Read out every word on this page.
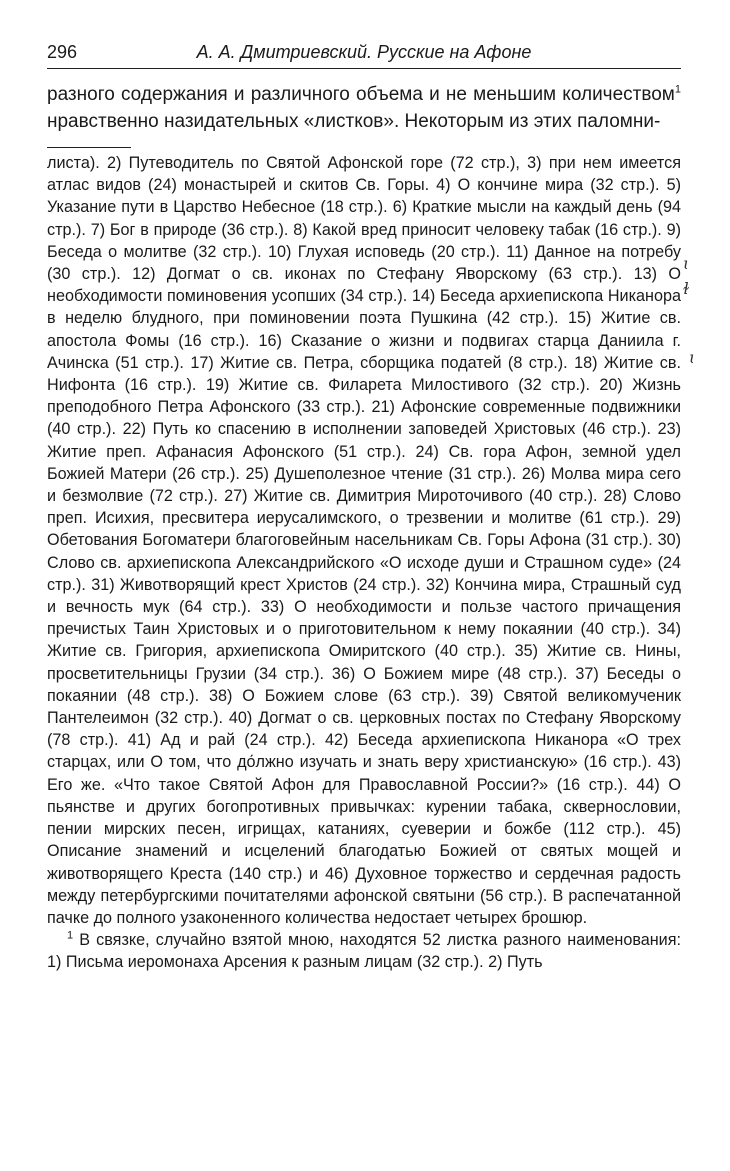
296	А. А. Дмитриевский. Русские на Афоне

разного содержания и различного объема и не меньшим количеством$^1$ нравственно назидательных «листков». Некоторым из этих паломни-

листа). 2) Путеводитель по Святой Афонской горе (72 стр.), 3) при нем имеется атлас видов (24) монастырей и скитов Св. Горы. 4) О кончине мира (32 стр.). 5) Указание пути в Царство Небесное (18 стр.). 6) Краткие мысли на каждый день (94 стр.). 7) Бог в природе (36 стр.). 8) Какой вред приносит человеку табак (16 стр.). 9) Беседа о молитве (32 стр.). 10) Глухая исповедь (20 стр.). 11) Данное на потребу (30 стр.). 12) Догмат о св. иконах по Стефану Яворскому (63 стр.). 13) О необходимости поминовения усопших (34 стр.). 14) Беседа архиепископа Никанора в неделю блудного, при поминовении поэта Пушкина (42 стр.). 15) Житие св. апостола Фомы (16 стр.). 16) Сказание о жизни и подвигах старца Даниила г. Ачинска (51 стр.). 17) Житие св. Петра, сборщика податей (8 стр.). 18) Житие св. Нифонта (16 стр.). 19) Житие св. Филарета Милостивого (32 стр.). 20) Жизнь преподобного Петра Афонского (33 стр.). 21) Афонские современные подвижники (40 стр.). 22) Путь ко спасению в исполнении заповедей Христовых (46 стр.). 23) Житие преп. Афанасия Афонского (51 стр.). 24) Св. гора Афон, земной удел Божией Матери (26 стр.). 25) Душеполезное чтение (31 стр.). 26) Молва мира сего и безмолвие (72 стр.). 27) Житие св. Димитрия Мироточивого (40 стр.). 28) Слово преп. Исихия, пресвитера иерусалимского, о трезвении и молитве (61 стр.). 29) Обетования Богоматери благоговейным насельникам Св. Горы Афона (31 стр.). 30) Слово св. архиепископа Александрийского «О исходе души и Страшном суде» (24 стр.). 31) Животворящий крест Христов (24 стр.). 32) Кончина мира, Страшный суд и вечность мук (64 стр.). 33) О необходимости и пользе частого причащения пречистых Таин Христовых и о приготовительном к нему покаянии (40 стр.). 34) Житие св. Григория, архиепископа Омиритского (40 стр.). 35) Житие св. Нины, просветительницы Грузии (34 стр.). 36) О Божием мире (48 стр.). 37) Беседы о покаянии (48 стр.). 38) О Божием слове (63 стр.). 39) Святой великомученик Пантелеимон (32 стр.). 40) Догмат о св. церковных постах по Стефану Яворскому (78 стр.). 41) Ад и рай (24 стр.). 42) Беседа архиепископа Никанора «О трех старцах, или О том, что до́лжно изучать и знать веру христианскую» (16 стр.). 43) Его же. «Что такое Святой Афон для Православной России?» (16 стр.). 44) О пьянстве и других богопротивных привычках: курении табака, сквернословии, пении мирских песен, игрищах, катаниях, суеверии и божбе (112 стр.). 45) Описание знамений и исцелений благодатью Божией от святых мощей и животворящего Креста (140 стр.) и 46) Духовное торжество и сердечная радость между петербургскими почитателями афонской святыни (56 стр.). В распечатанной пачке до полного узаконенного количества недостает четырех брошюр.

$^1$ В связке, случайно взятой мною, находятся 52 листка разного наименования: 1) Письма иеромонаха Арсения к разным лицам (32 стр.). 2) Путь

ɩ
ɫ
ɩ
